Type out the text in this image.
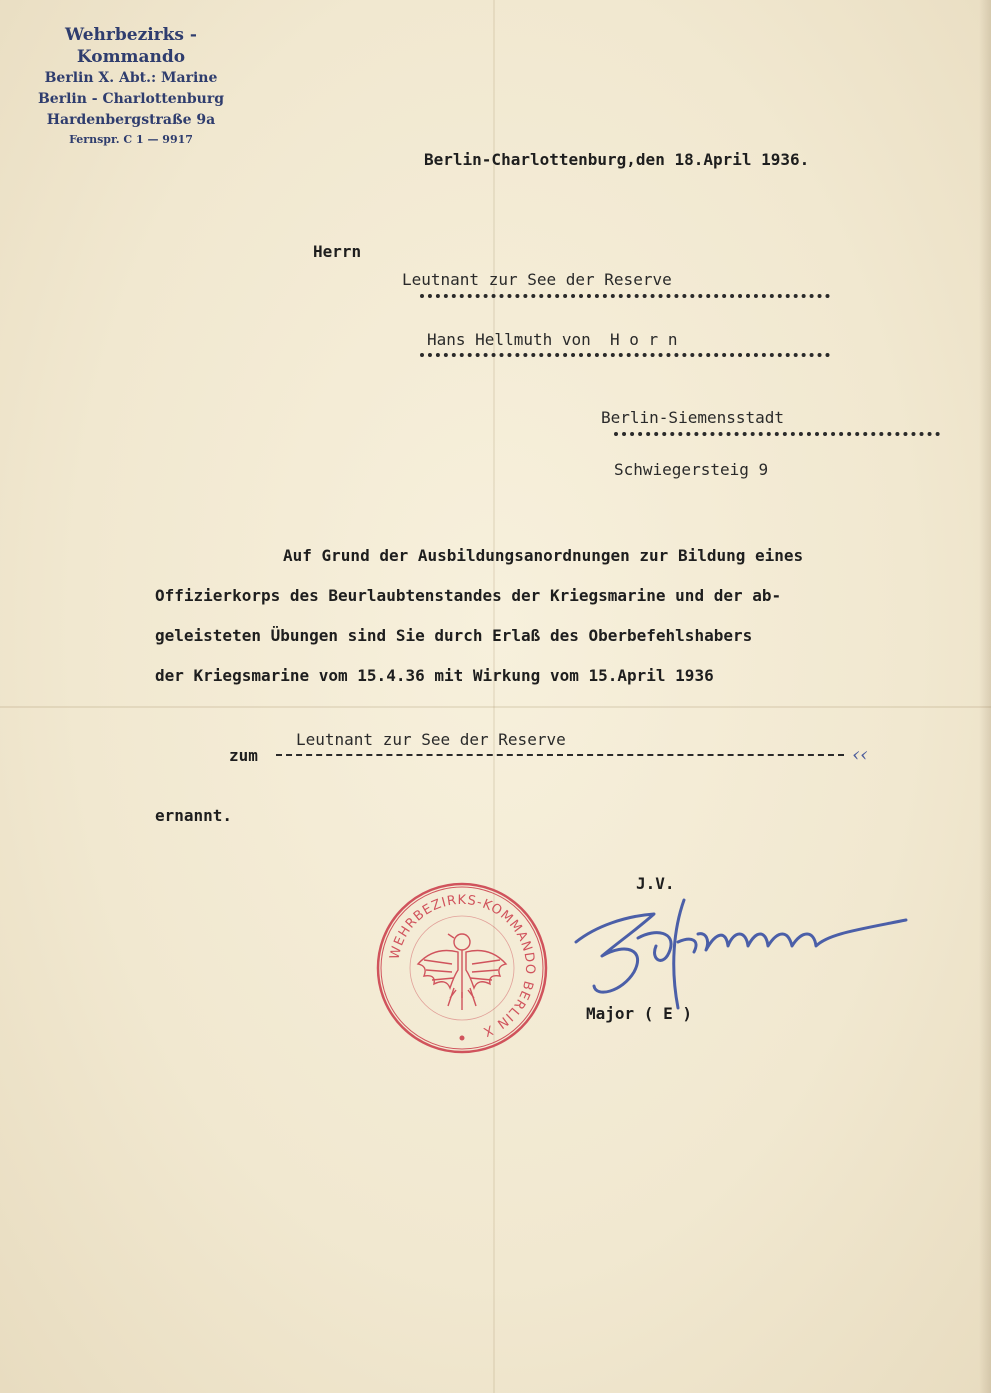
Wehrbezirks - Kommando
Berlin X. Abt.: Marine
Berlin - Charlottenburg
Hardenbergstraße 9a
Fernspr. C 1 — 9917
Berlin-Charlottenburg,den 18.April 1936.
Herrn
Leutnant zur See der Reserve
Hans Hellmuth von  H o r n
Berlin-Siemensstadt
Schwiegersteig 9
Auf Grund der Ausbildungsanordnungen zur Bildung eines
Offizierkorps des Beurlaubtenstandes der Kriegsmarine und der ab-
geleisteten Übungen sind Sie durch Erlaß des Oberbefehlshabers
der Kriegsmarine vom 15.4.36 mit Wirkung vom 15.April 1936
zum
Leutnant zur See der Reserve
‹‹
ernannt.
J.V.
WEHRBEZIRKS-KOMMANDO BERLIN X
Major ( E )
